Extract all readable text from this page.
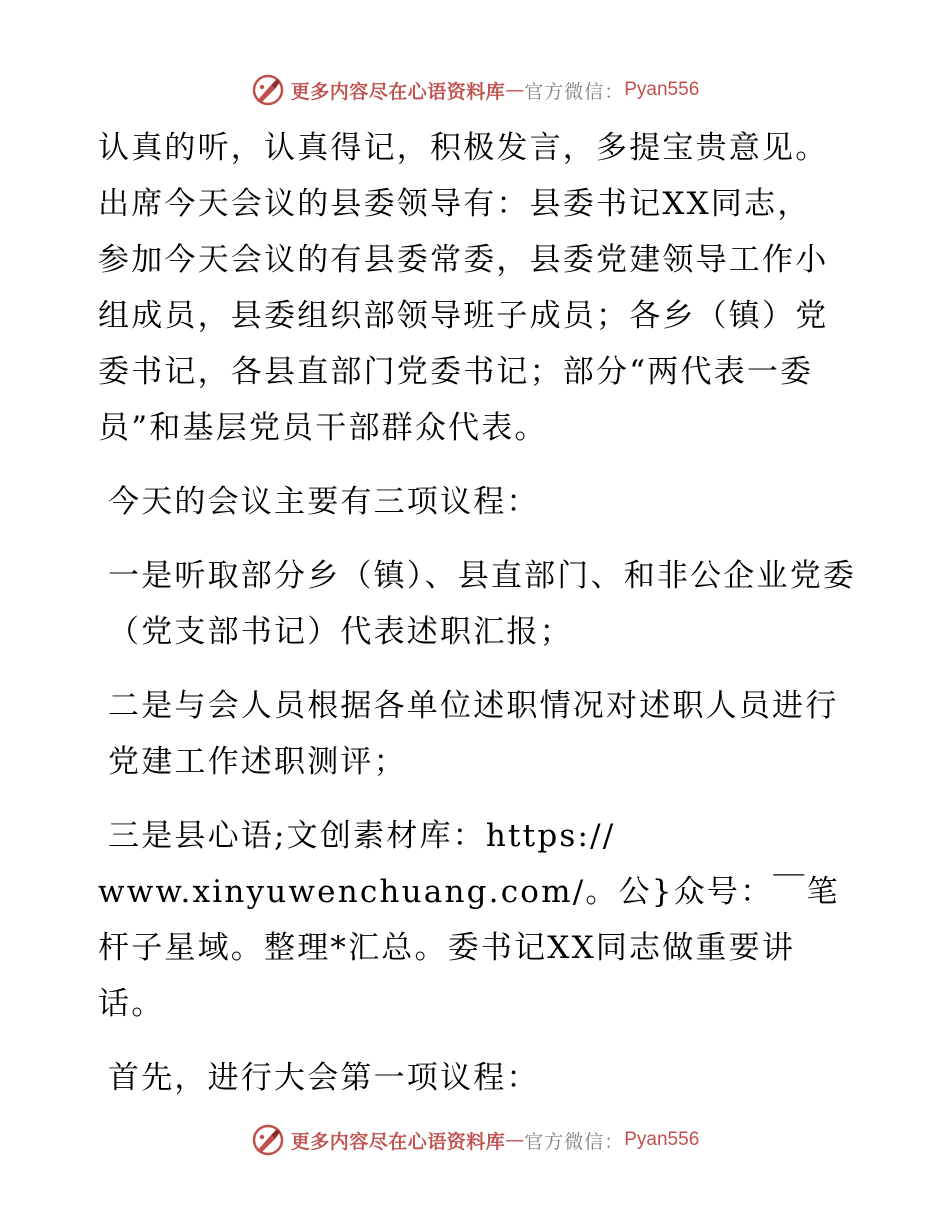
更多内容尽在心语资料库 — 官方微信： Pyan556

认真的听，认真得记，积极发言，多提宝贵意见。

出席今天会议的县委领导有：县委书记XX同志，

参加今天会议的有县委常委，县委党建领导工作小组成员，县委组织部领导班子成员；各乡（镇）党委书记，各县直部门党委书记；部分“两代表一委员”和基层党员干部群众代表。

今天的会议主要有三项议程：

一是听取部分乡（镇）、县直部门、和非公企业党委（党支部书记）代表述职汇报；

二是与会人员根据各单位述职情况对述职人员进行党建工作述职测评；

三是县心语;文创素材库：https://

www.xinyuwenchuang.com/。公}众号：￣笔杆子星域。整理*汇总。委书记XX同志做重要讲话。

首先，进行大会第一项议程：

更多内容尽在心语资料库 — 官方微信： Pyan556
